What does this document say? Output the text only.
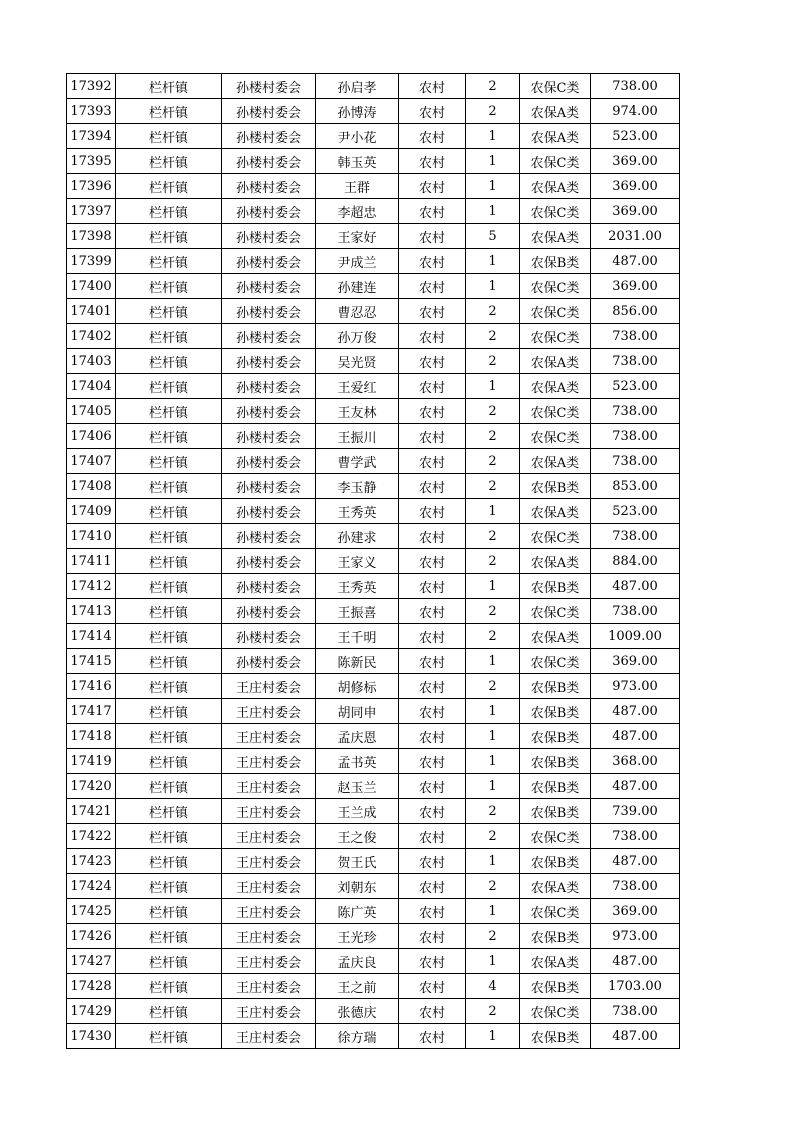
17392	栏杆镇	孙楼村委会	孙启孝	农村	2	农保C类	738.00
17393	栏杆镇	孙楼村委会	孙博涛	农村	2	农保A类	974.00
17394	栏杆镇	孙楼村委会	尹小花	农村	1	农保A类	523.00
17395	栏杆镇	孙楼村委会	韩玉英	农村	1	农保C类	369.00
17396	栏杆镇	孙楼村委会	王群	农村	1	农保A类	369.00
17397	栏杆镇	孙楼村委会	李超忠	农村	1	农保C类	369.00
17398	栏杆镇	孙楼村委会	王家好	农村	5	农保A类	2031.00
17399	栏杆镇	孙楼村委会	尹成兰	农村	1	农保B类	487.00
17400	栏杆镇	孙楼村委会	孙建连	农村	1	农保C类	369.00
17401	栏杆镇	孙楼村委会	曹忍忍	农村	2	农保C类	856.00
17402	栏杆镇	孙楼村委会	孙万俊	农村	2	农保C类	738.00
17403	栏杆镇	孙楼村委会	吴光贤	农村	2	农保A类	738.00
17404	栏杆镇	孙楼村委会	王爱红	农村	1	农保A类	523.00
17405	栏杆镇	孙楼村委会	王友林	农村	2	农保C类	738.00
17406	栏杆镇	孙楼村委会	王振川	农村	2	农保C类	738.00
17407	栏杆镇	孙楼村委会	曹学武	农村	2	农保A类	738.00
17408	栏杆镇	孙楼村委会	李玉静	农村	2	农保B类	853.00
17409	栏杆镇	孙楼村委会	王秀英	农村	1	农保A类	523.00
17410	栏杆镇	孙楼村委会	孙建求	农村	2	农保C类	738.00
17411	栏杆镇	孙楼村委会	王家义	农村	2	农保A类	884.00
17412	栏杆镇	孙楼村委会	王秀英	农村	1	农保B类	487.00
17413	栏杆镇	孙楼村委会	王振喜	农村	2	农保C类	738.00
17414	栏杆镇	孙楼村委会	王千明	农村	2	农保A类	1009.00
17415	栏杆镇	孙楼村委会	陈新民	农村	1	农保C类	369.00
17416	栏杆镇	王庄村委会	胡修标	农村	2	农保B类	973.00
17417	栏杆镇	王庄村委会	胡同申	农村	1	农保B类	487.00
17418	栏杆镇	王庄村委会	孟庆恩	农村	1	农保B类	487.00
17419	栏杆镇	王庄村委会	孟书英	农村	1	农保B类	368.00
17420	栏杆镇	王庄村委会	赵玉兰	农村	1	农保B类	487.00
17421	栏杆镇	王庄村委会	王兰成	农村	2	农保B类	739.00
17422	栏杆镇	王庄村委会	王之俊	农村	2	农保C类	738.00
17423	栏杆镇	王庄村委会	贺王氏	农村	1	农保B类	487.00
17424	栏杆镇	王庄村委会	刘朝东	农村	2	农保A类	738.00
17425	栏杆镇	王庄村委会	陈广英	农村	1	农保C类	369.00
17426	栏杆镇	王庄村委会	王光珍	农村	2	农保B类	973.00
17427	栏杆镇	王庄村委会	孟庆良	农村	1	农保A类	487.00
17428	栏杆镇	王庄村委会	王之前	农村	4	农保B类	1703.00
17429	栏杆镇	王庄村委会	张德庆	农村	2	农保C类	738.00
17430	栏杆镇	王庄村委会	徐方瑞	农村	1	农保B类	487.00
